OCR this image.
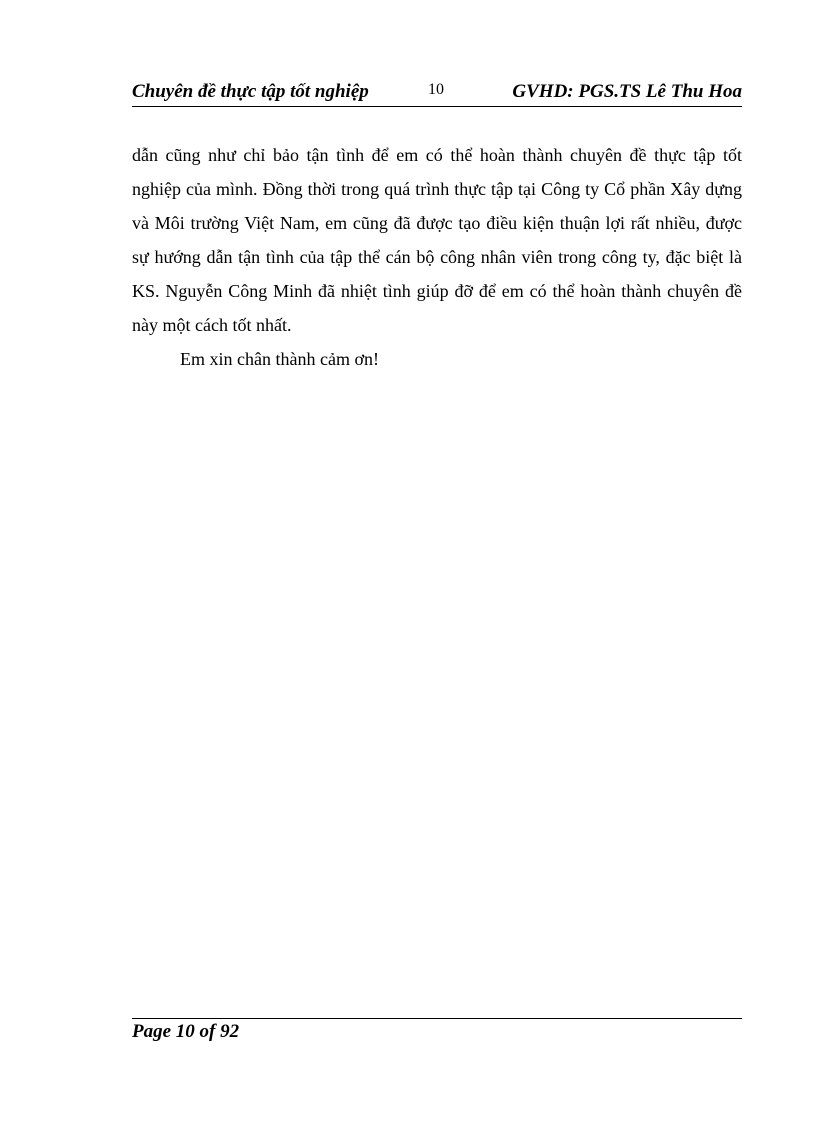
Chuyên đề thực tập tốt nghiệp	10	GVHD: PGS.TS Lê Thu Hoa

dẫn cũng như chỉ bảo tận tình để em có thể hoàn thành chuyên đề thực tập tốt nghiệp của mình. Đồng thời trong quá trình thực tập tại Công ty Cổ phần Xây dựng và Môi trường Việt Nam, em cũng đã được tạo điều kiện thuận lợi rất nhiều, được sự hướng dẫn tận tình của tập thể cán bộ công nhân viên trong công ty, đặc biệt là KS. Nguyễn Công Minh đã nhiệt tình giúp đỡ để em có thể hoàn thành chuyên đề này một cách tốt nhất.

Em xin chân thành cảm ơn!

Page 10 of 92
